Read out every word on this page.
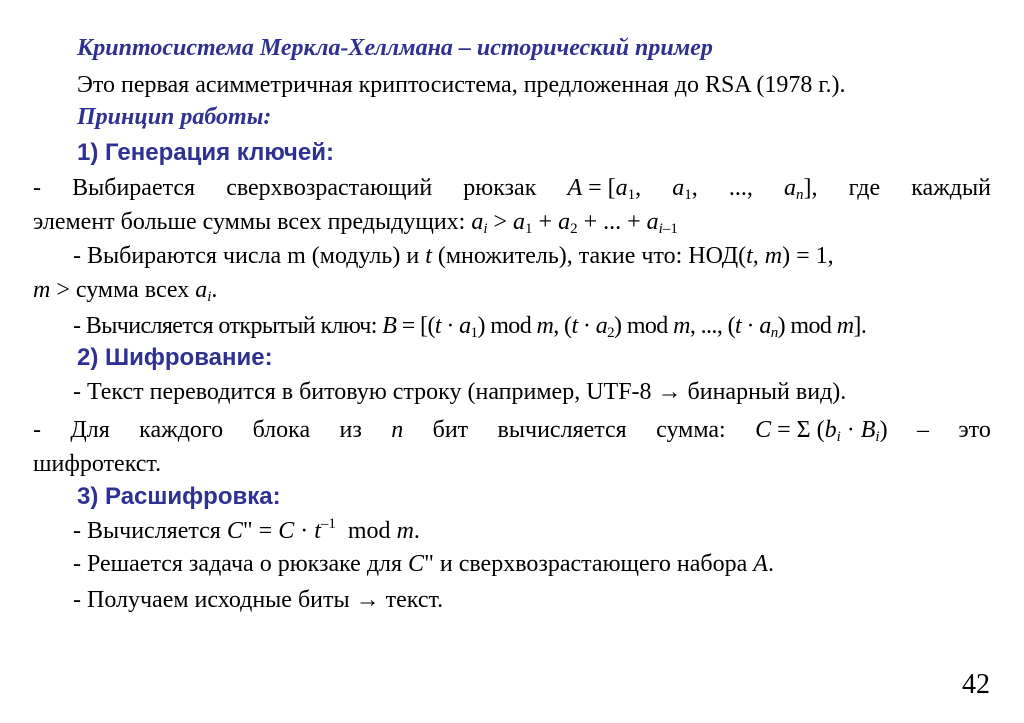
Криптосистема Меркла-Хеллмана – исторический пример
Это первая асимметричная криптосистема, предложенная до RSA (1978 г.).
Принцип работы:
1) Генерация ключей:
- Выбирается сверхвозрастающий рюкзак $A = [a_1$, $a_1$, ..., $a_n$], где каждый
элемент больше суммы всех предыдущих: $a_i > a_1 + a_2$ + ... + $a_{i-1}$
- Выбираются числа m (модуль) и t (множитель), такие что: НОД(t, m) = 1,
m > сумма всех $a_i$.
- Вычисляется открытый ключ: $B = [(t \cdot a_1)$ mod m, $(t \cdot a_2)$ mod m, ..., $(t \cdot a_n)$ mod m].
2) Шифрование:
- Текст переводится в битовую строку (например, UTF-8 → бинарный вид).
- Для каждого блока из n бит вычисляется сумма: C = Σ $(b_i \cdot B_i)$ – это
шифротекст.
3) Расшифровка:
- Вычисляется C" = $C \cdot t^{-1}$  mod m.
- Решается задача о рюкзаке для C" и сверхвозрастающего набора A.
- Получаем исходные биты → текст.
42
